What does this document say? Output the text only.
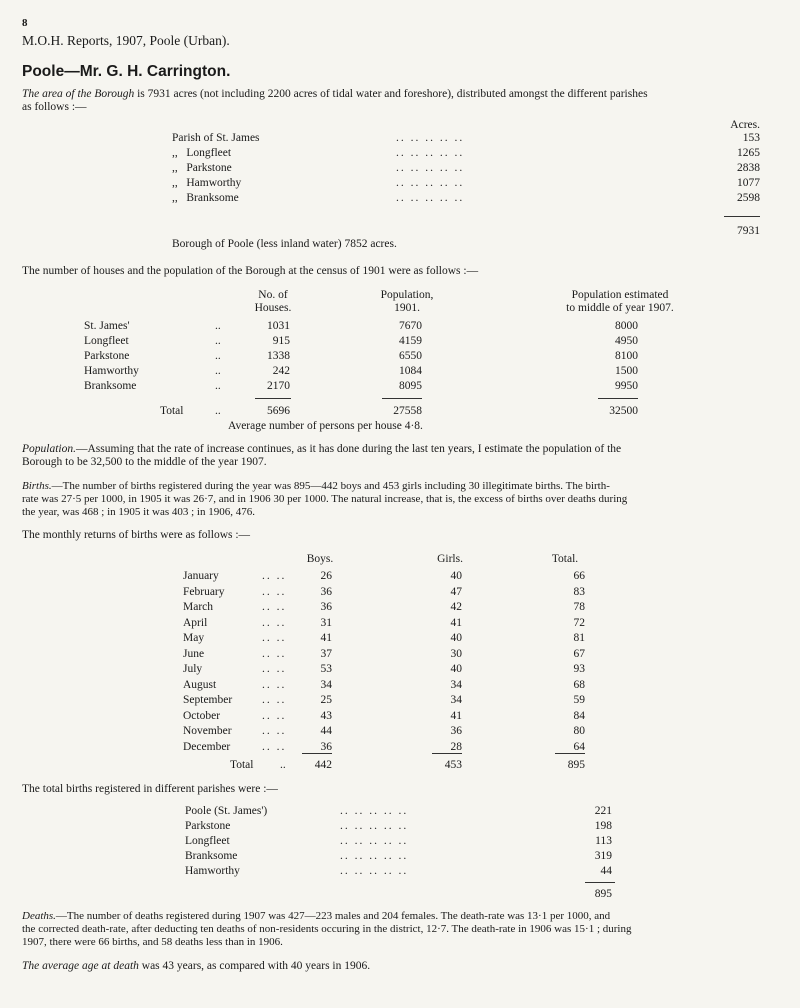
8
M.O.H. Reports, 1907, Poole (Urban).
Poole—Mr. G. H. Carrington.
The area of the Borough is 7931 acres (not including 2200 acres of tidal water and foreshore), distributed amongst the different parishes
as follows :—
Acres.
Parish of St. James	.. .. .. .. ..	153
,,   Longfleet	.. .. .. .. ..	1265
,,   Parkstone	.. .. .. .. ..	2838
,,   Hamworthy	.. .. .. .. ..	1077
,,   Branksome	.. .. .. .. ..	2598
7931
Borough of Poole (less inland water) 7852 acres.
The number of houses and the population of the Borough at the census of 1901 were as follows :—
No. of
Houses.
Population,
1901.
Population estimated
to middle of year 1907.
St. James'	..	1031	7670	8000
Longfleet	..	915	4159	4950
Parkstone	..	1338	6550	8100
Hamworthy	..	242	1084	1500
Branksome	..	2170	8095	9950
Total	..	5696	27558	32500
Average number of persons per house 4·8.
Population.—Assuming that the rate of increase continues, as it has done during the last ten years, I estimate the population of the
Borough to be 32,500 to the middle of the year 1907.
Births.—The number of births registered during the year was 895—442 boys and 453 girls including 30 illegitimate births. The birth-
rate was 27·5 per 1000, in 1905 it was 26·7, and in 1906 30 per 1000. The natural increase, that is, the excess of births over deaths during
the year, was 468 ; in 1905 it was 403 ; in 1906, 476.
The monthly returns of births were as follows :—
Boys.	Girls.	Total.
January	.. ..	26	40	66
February	.. ..	36	47	83
March	.. ..	36	42	78
April	.. ..	31	41	72
May	.. ..	41	40	81
June	.. ..	37	30	67
July	.. ..	53	40	93
August	.. ..	34	34	68
September	.. ..	25	34	59
October	.. ..	43	41	84
November	.. ..	44	36	80
December	.. ..	36	28	64
Total ..	442	453	895
The total births registered in different parishes were :—
Poole (St. James')	.. .. .. .. ..	221
Parkstone	.. .. .. .. ..	198
Longfleet	.. .. .. .. ..	113
Branksome	.. .. .. .. ..	319
Hamworthy	.. .. .. .. ..	44
895
Deaths.—The number of deaths registered during 1907 was 427—223 males and 204 females. The death-rate was 13·1 per 1000, and
the corrected death-rate, after deducting ten deaths of non-residents occuring in the district, 12·7. The death-rate in 1906 was 15·1 ; during
1907, there were 66 births, and 58 deaths less than in 1906.
The average age at death was 43 years, as compared with 40 years in 1906.
